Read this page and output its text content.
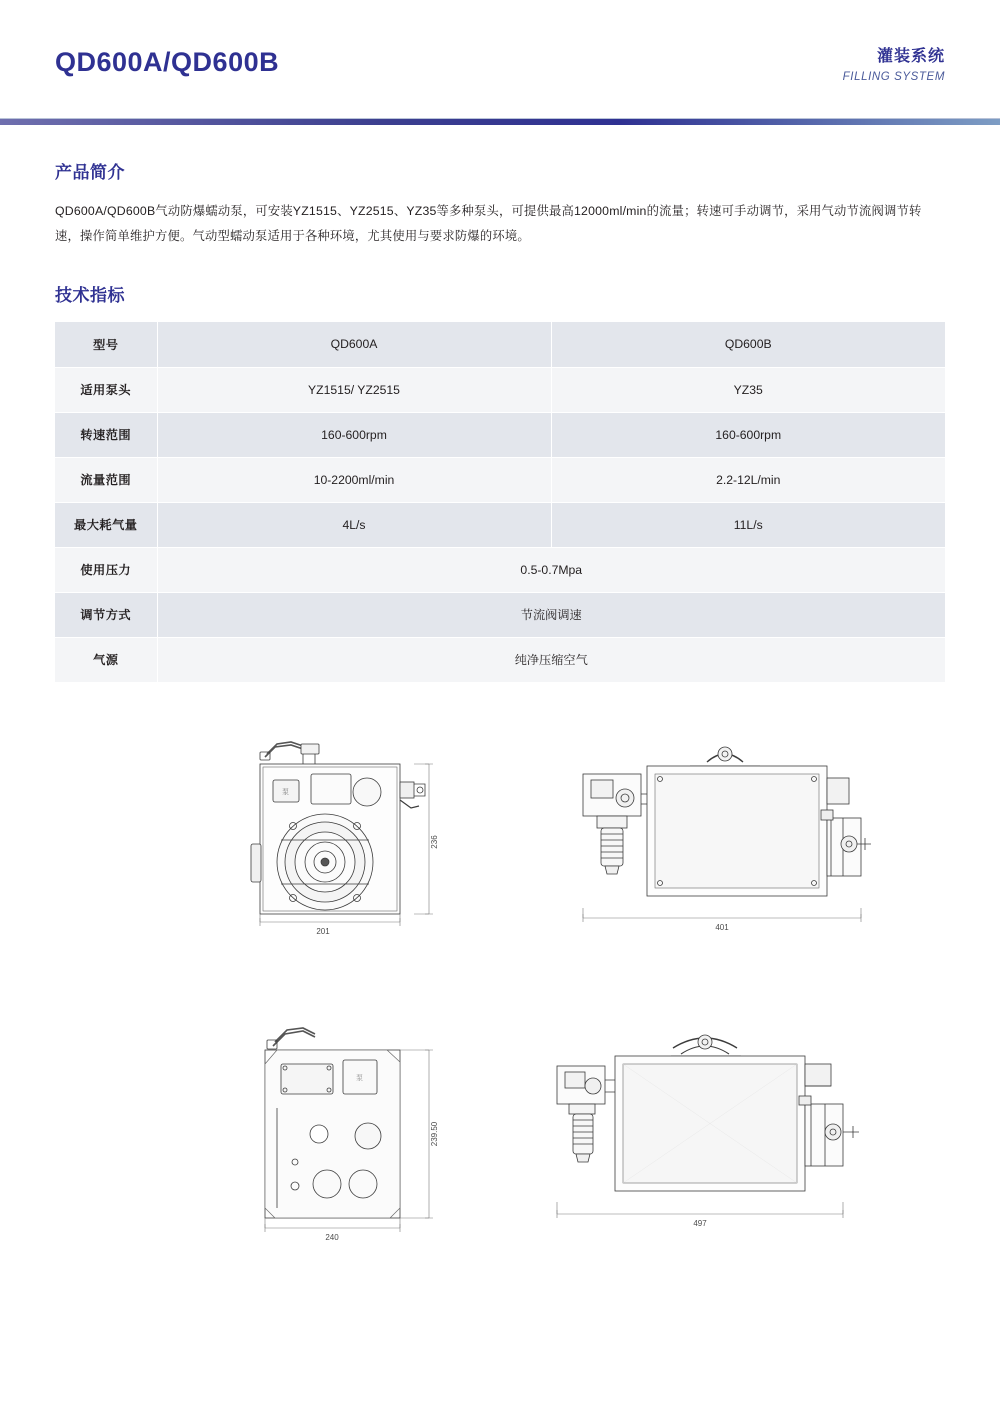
QD600A/QD600B	灌装系统
FILLING SYSTEM
产品简介
QD600A/QD600B气动防爆蠕动泵，可安装YZ1515、YZ2515、YZ35等多种泵头，可提供最高12000ml/min的流量；转速可手动调节，采用气动节流阀调节转速，操作简单维护方便。气动型蠕动泵适用于各种环境，尤其使用与要求防爆的环境。
技术指标
型号	QD600A	QD600B
适用泵头	YZ1515/ YZ2515	YZ35
转速范围	160-600rpm	160-600rpm
流量范围	10-2200ml/min	2.2-12L/min
最大耗气量	4L/s	11L/s
使用压力	0.5-0.7Mpa	
调节方式	节流阀调速	
气源	纯净压缩空气	
泵
201
236
401
泵
240
239.50
497
